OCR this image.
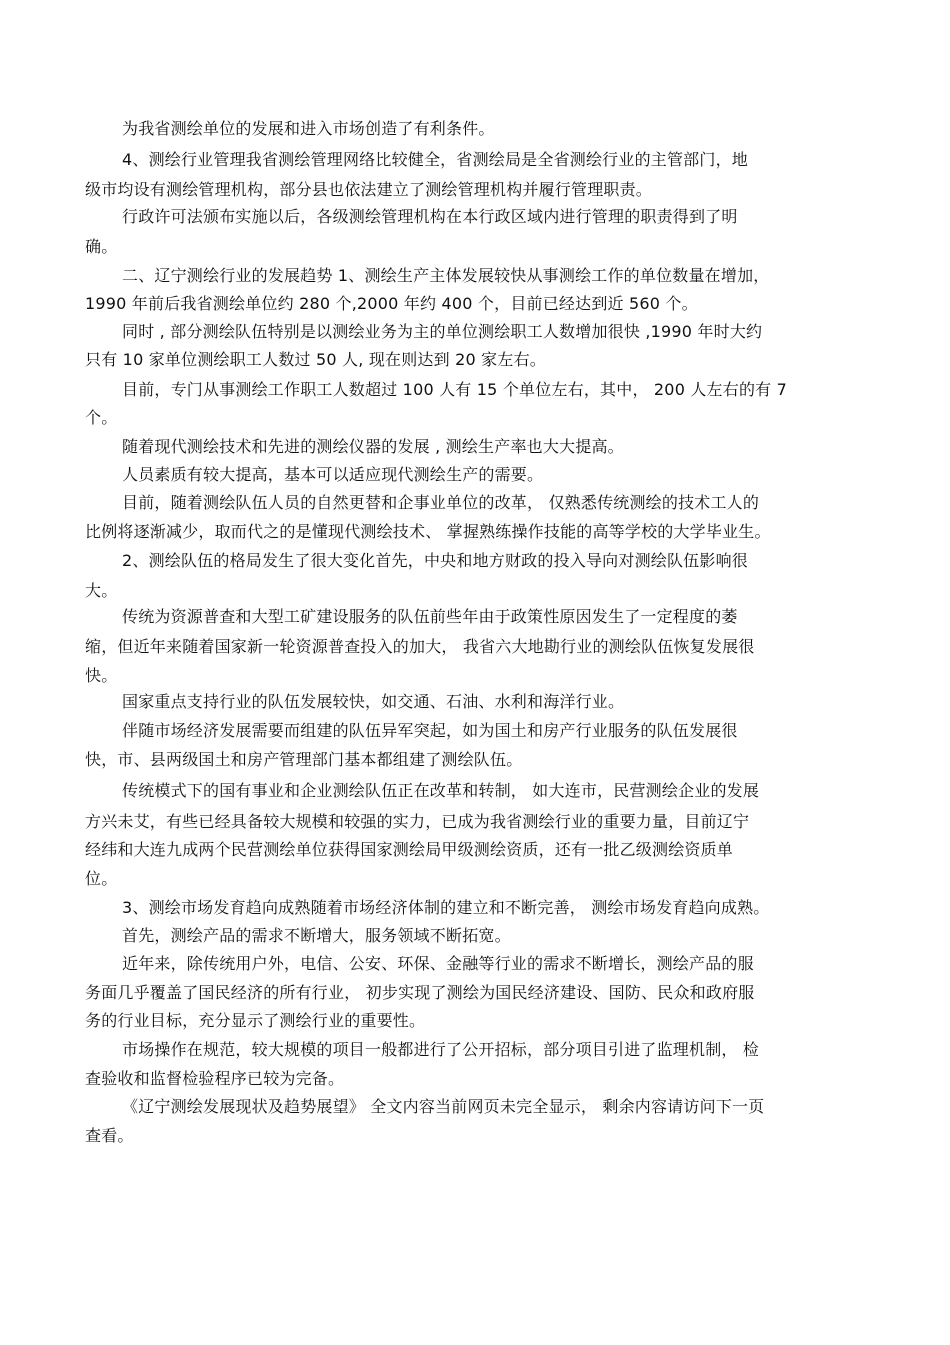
为我省测绘单位的发展和进入市场创造了有利条件。
4、测绘行业管理我省测绘管理网络比较健全，省测绘局是全省测绘行业的主管部门，地
级市均设有测绘管理机构，部分县也依法建立了测绘管理机构并履行管理职责。
行政许可法颁布实施以后，各级测绘管理机构在本行政区域内进行管理的职责得到了明
确。
二、辽宁测绘行业的发展趋势 1、测绘生产主体发展较快从事测绘工作的单位数量在增加，
1990 年前后我省测绘单位约 280 个,2000 年约 400 个，目前已经达到近 560 个。
同时 , 部分测绘队伍特别是以测绘业务为主的单位测绘职工人数增加很快 ,1990 年时大约
只有 10 家单位测绘职工人数过 50 人, 现在则达到 20 家左右。
目前，专门从事测绘工作职工人数超过 100 人有 15 个单位左右，其中， 200 人左右的有 7
个。
随着现代测绘技术和先进的测绘仪器的发展 , 测绘生产率也大大提高。
人员素质有较大提高，基本可以适应现代测绘生产的需要。
目前，随着测绘队伍人员的自然更替和企事业单位的改革， 仅熟悉传统测绘的技术工人的
比例将逐渐减少，取而代之的是懂现代测绘技术、 掌握熟练操作技能的高等学校的大学毕业生。
2、测绘队伍的格局发生了很大变化首先，中央和地方财政的投入导向对测绘队伍影响很
大。
传统为资源普查和大型工矿建设服务的队伍前些年由于政策性原因发生了一定程度的萎
缩，但近年来随着国家新一轮资源普查投入的加大， 我省六大地勘行业的测绘队伍恢复发展很
快。
国家重点支持行业的队伍发展较快，如交通、石油、水利和海洋行业。
伴随市场经济发展需要而组建的队伍异军突起，如为国土和房产行业服务的队伍发展很
快，市、县两级国土和房产管理部门基本都组建了测绘队伍。
传统模式下的国有事业和企业测绘队伍正在改革和转制， 如大连市，民营测绘企业的发展
方兴未艾，有些已经具备较大规模和较强的实力，已成为我省测绘行业的重要力量，目前辽宁
经纬和大连九成两个民营测绘单位获得国家测绘局甲级测绘资质，还有一批乙级测绘资质单
位。
3、测绘市场发育趋向成熟随着市场经济体制的建立和不断完善， 测绘市场发育趋向成熟。
首先，测绘产品的需求不断增大，服务领域不断拓宽。
近年来，除传统用户外，电信、公安、环保、金融等行业的需求不断增长，测绘产品的服
务面几乎覆盖了国民经济的所有行业， 初步实现了测绘为国民经济建设、国防、民众和政府服
务的行业目标，充分显示了测绘行业的重要性。
市场操作在规范，较大规模的项目一般都进行了公开招标，部分项目引进了监理机制， 检
查验收和监督检验程序已较为完备。
《辽宁测绘发展现状及趋势展望》 全文内容当前网页未完全显示， 剩余内容请访问下一页
查看。
